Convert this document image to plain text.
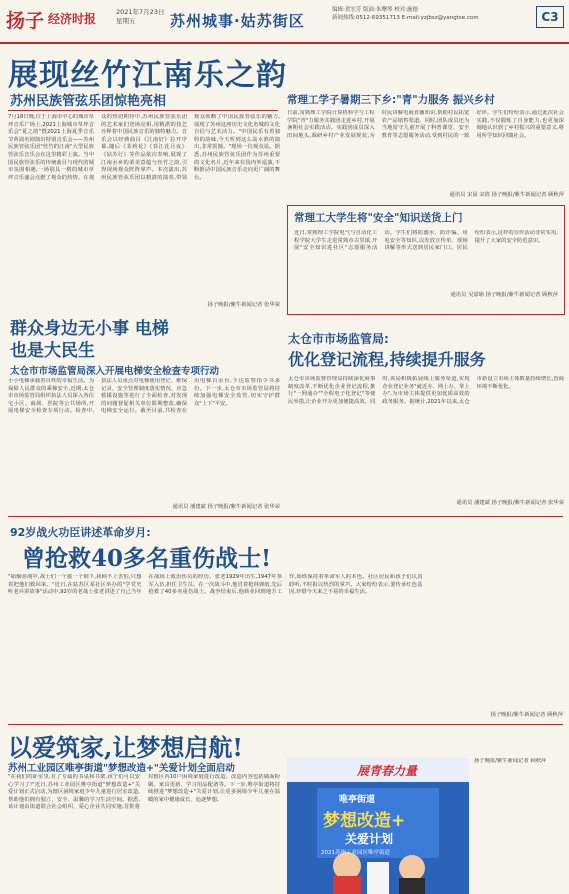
扬子 经济时报	2021年7月23日
星期五	苏州城事·姑苏街区
编辑:贺宏芳 版面:朱曙琴 校对:施德
新闻热线:0512-69351713 E-mail:yzjbsz@yangtse.com	C3
展现丝竹江南乐之韵
苏州民族管弦乐团惊艳亮相
7月18日晚,位于上海市中心的城市草坪音乐广场上,2021上海城市草坪音乐会"夏之韵"暨2021上海夏季音乐节黄浦名剧演出特别音乐会——苏州民族管弦乐团"丝竹的江南"大型民族管弦乐音乐会在这里精彩上演。当中国民族管弦乐的传统曲目与现代的城市氛围相遇,一场别具一格的城市草坪音乐盛会点燃了观众的热情。在观众的热切期待中,苏州民族管弦乐团的艺术家们登场亮相,用精湛的技艺诠释着中国民族音乐的独特魅力。音乐会以经典曲目《江南好》拉开序幕,随后《茉莉花》《春江花月夜》《姑苏行》等作品依次奏响,展现了江南水乡的柔美意蕴与丝竹之韵,引得现场观众阵阵掌声。本次演出,苏州民族管弦乐团以精湛的演奏,带领观众领略了中国民族管弦乐的魅力,展现了苏州这座历史文化名城的文化自信与艺术活力。"中国民乐有着独特的韵味,今天听到这么高水准的演出,非常震撼。"现场一位观众说。据悉,苏州民族管弦乐团作为苏州重要的文化名片,近年来在国内外巡演,不断推动中国民族音乐走向更广阔的舞台。
扬子晚报/紫牛新闻记者 张华荣
常理工学子暑期三下乡:"青"力服务 振兴乡村
日前,常熟理工学院计算机科学与工程学院"青"力服务实践团走进乡村,开展暑期社会实践活动。实践团成员深入田间地头,调研乡村产业发展现状,为村民讲解电商直播知识,帮助村民拓宽农产品销售渠道。同时,团队成员还为当地留守儿童开展了科普课堂、安全教育等志愿服务活动,受到村民的一致好评。学生们纷纷表示,通过此次社会实践,不仅锻炼了自身能力,也更加深刻地认识到了乡村振兴的重要意义,将用所学知识回馈社会。
通讯员 宋晨 宋倩 扬子晚报/紫牛新闻记者 顾秋萍
常理工大学生将"安全"知识送货上门
近日,常熟理工学院电气与自动化工程学院大学生走进常熟市古里镇,开展"安全知识进社区"志愿服务活动。学生们将防溺水、防诈骗、用电安全等知识,以发放宣传单、现场讲解等形式送到居民家门口。居民纷纷表示,这样的宣传活动非常实用,提升了大家的安全防范意识。
通讯员 吴嘉瑜 扬子晚报/紫牛新闻记者 顾秋萍
群众身边无小事 电梯也是大民生
太仓市市场监管局深入开展电梯安全检查专项行动
小小电梯承载着百姓的幸福生活。为保障人民群众的乘梯安全,近期,太仓市市场监管局组织执法人员深入各住宅小区、商场、医院等公共场所,开展电梯安全检查专项行动。检查中,执法人员重点对电梯使用登记、维保记录、安全管理制度落实情况、应急救援设施等进行了全面检查,对发现的问题督促相关单位限期整改,确保电梯安全运行。截至目前,共检查在用电梯百余台,下达监察指令书多份。下一步,太仓市市场监管局将持续加强电梯安全监管,切实守护群众"上下"平安。
通讯员 潘建斌 扬子晚报/紫牛新闻记者 张华荣
太仓市市场监管局:
优化登记流程,持续提升服务
太仓市市场监督管理局持续深化商事制度改革,不断优化企业登记流程,推行"一网通办""全程电子化登记"等便民举措,让企业开办更加便捷高效。同时,该局积极拓展线上服务渠道,实现企业登记业务"就近办、网上办、掌上办",为市场主体提供更加优质高效的政务服务。据统计,2021年以来,太仓市新设立市场主体数量持续增长,营商环境不断优化。
通讯员 潘建斌 扬子晚报/紫牛新闻记者 张华荣
92岁战火功臣讲述革命岁月:
曾抢救40多名重伤战士!
"硝烟弥漫中,战士们一个接一个倒下,我顾不上害怕,只想着把他们救回来。"近日,在姑苏区某社区举办的"学党史 听老兵讲故事"活动中,92岁的老战士张老讲述了自己当年在战场上救治伤员的经历。张老1929年出生,1947年参军入伍,担任卫生员。在一次战斗中,他冒着枪林弹雨,先后抢救了40多名重伤战士。战争结束后,他转业回到地方工作,始终保持着革命军人的本色。社区居民和孩子们认真聆听,不时报以热烈的掌声。大家纷纷表示,要传承红色基因,珍惜今天来之不易的幸福生活。
扬子晚报/紫牛新闻记者 顾秋萍
以爱筑家,让梦想启航!
苏州工业园区唯亭街道"梦想改造+"关爱计划全面启动
"在我们的卧室里,有了专属的书桌和书架,孩子们可以安心学习了!"近日,苏州工业园区唯亭街道"梦想改造+"关爱计划正式启动,为辖区困境家庭少年儿童进行居室改造,帮助他们拥有独立、安全、温馨的学习生活空间。据悉,该计划由街道联合社会组织、爱心企业共同实施,首批将对辖区内10户困境家庭进行改造。改造内容包括墙面粉刷、家具更新、学习用品配备等。下一步,唯亭街道将持续推进"梦想改造+"关爱计划,让更多困境少年儿童在温暖的家中健康成长、追逐梦想。
展青春力量
唯亭街道
梦想改造+
关爱计划
2021苏州工业园区唯亭街道
扬子晚报/紫牛新闻记者 顾秋萍
